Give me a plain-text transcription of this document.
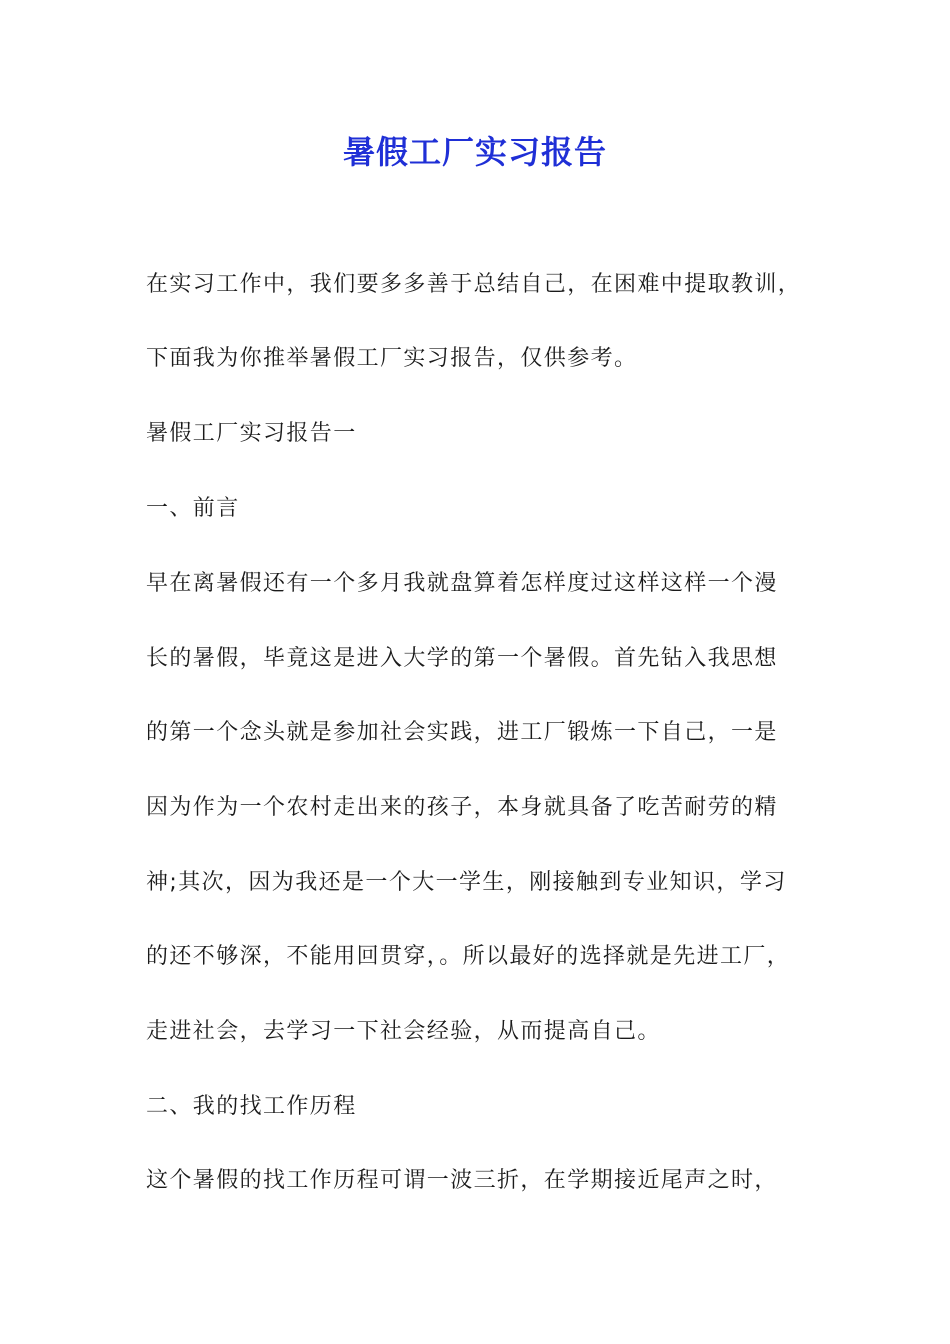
暑假工厂实习报告
在实习工作中，我们要多多善于总结自己，在困难中提取教训，
下面我为你推举暑假工厂实习报告，仅供参考。
暑假工厂实习报告一
一、前言
早在离暑假还有一个多月我就盘算着怎样度过这样这样一个漫
长的暑假，毕竟这是进入大学的第一个暑假。首先钻入我思想
的第一个念头就是参加社会实践，进工厂锻炼一下自己，一是
因为作为一个农村走出来的孩子，本身就具备了吃苦耐劳的精
神;其次，因为我还是一个大一学生，刚接触到专业知识，学习
的还不够深，不能用回贯穿，。所以最好的选择就是先进工厂，
走进社会，去学习一下社会经验，从而提高自己。
二、我的找工作历程
这个暑假的找工作历程可谓一波三折，在学期接近尾声之时，
